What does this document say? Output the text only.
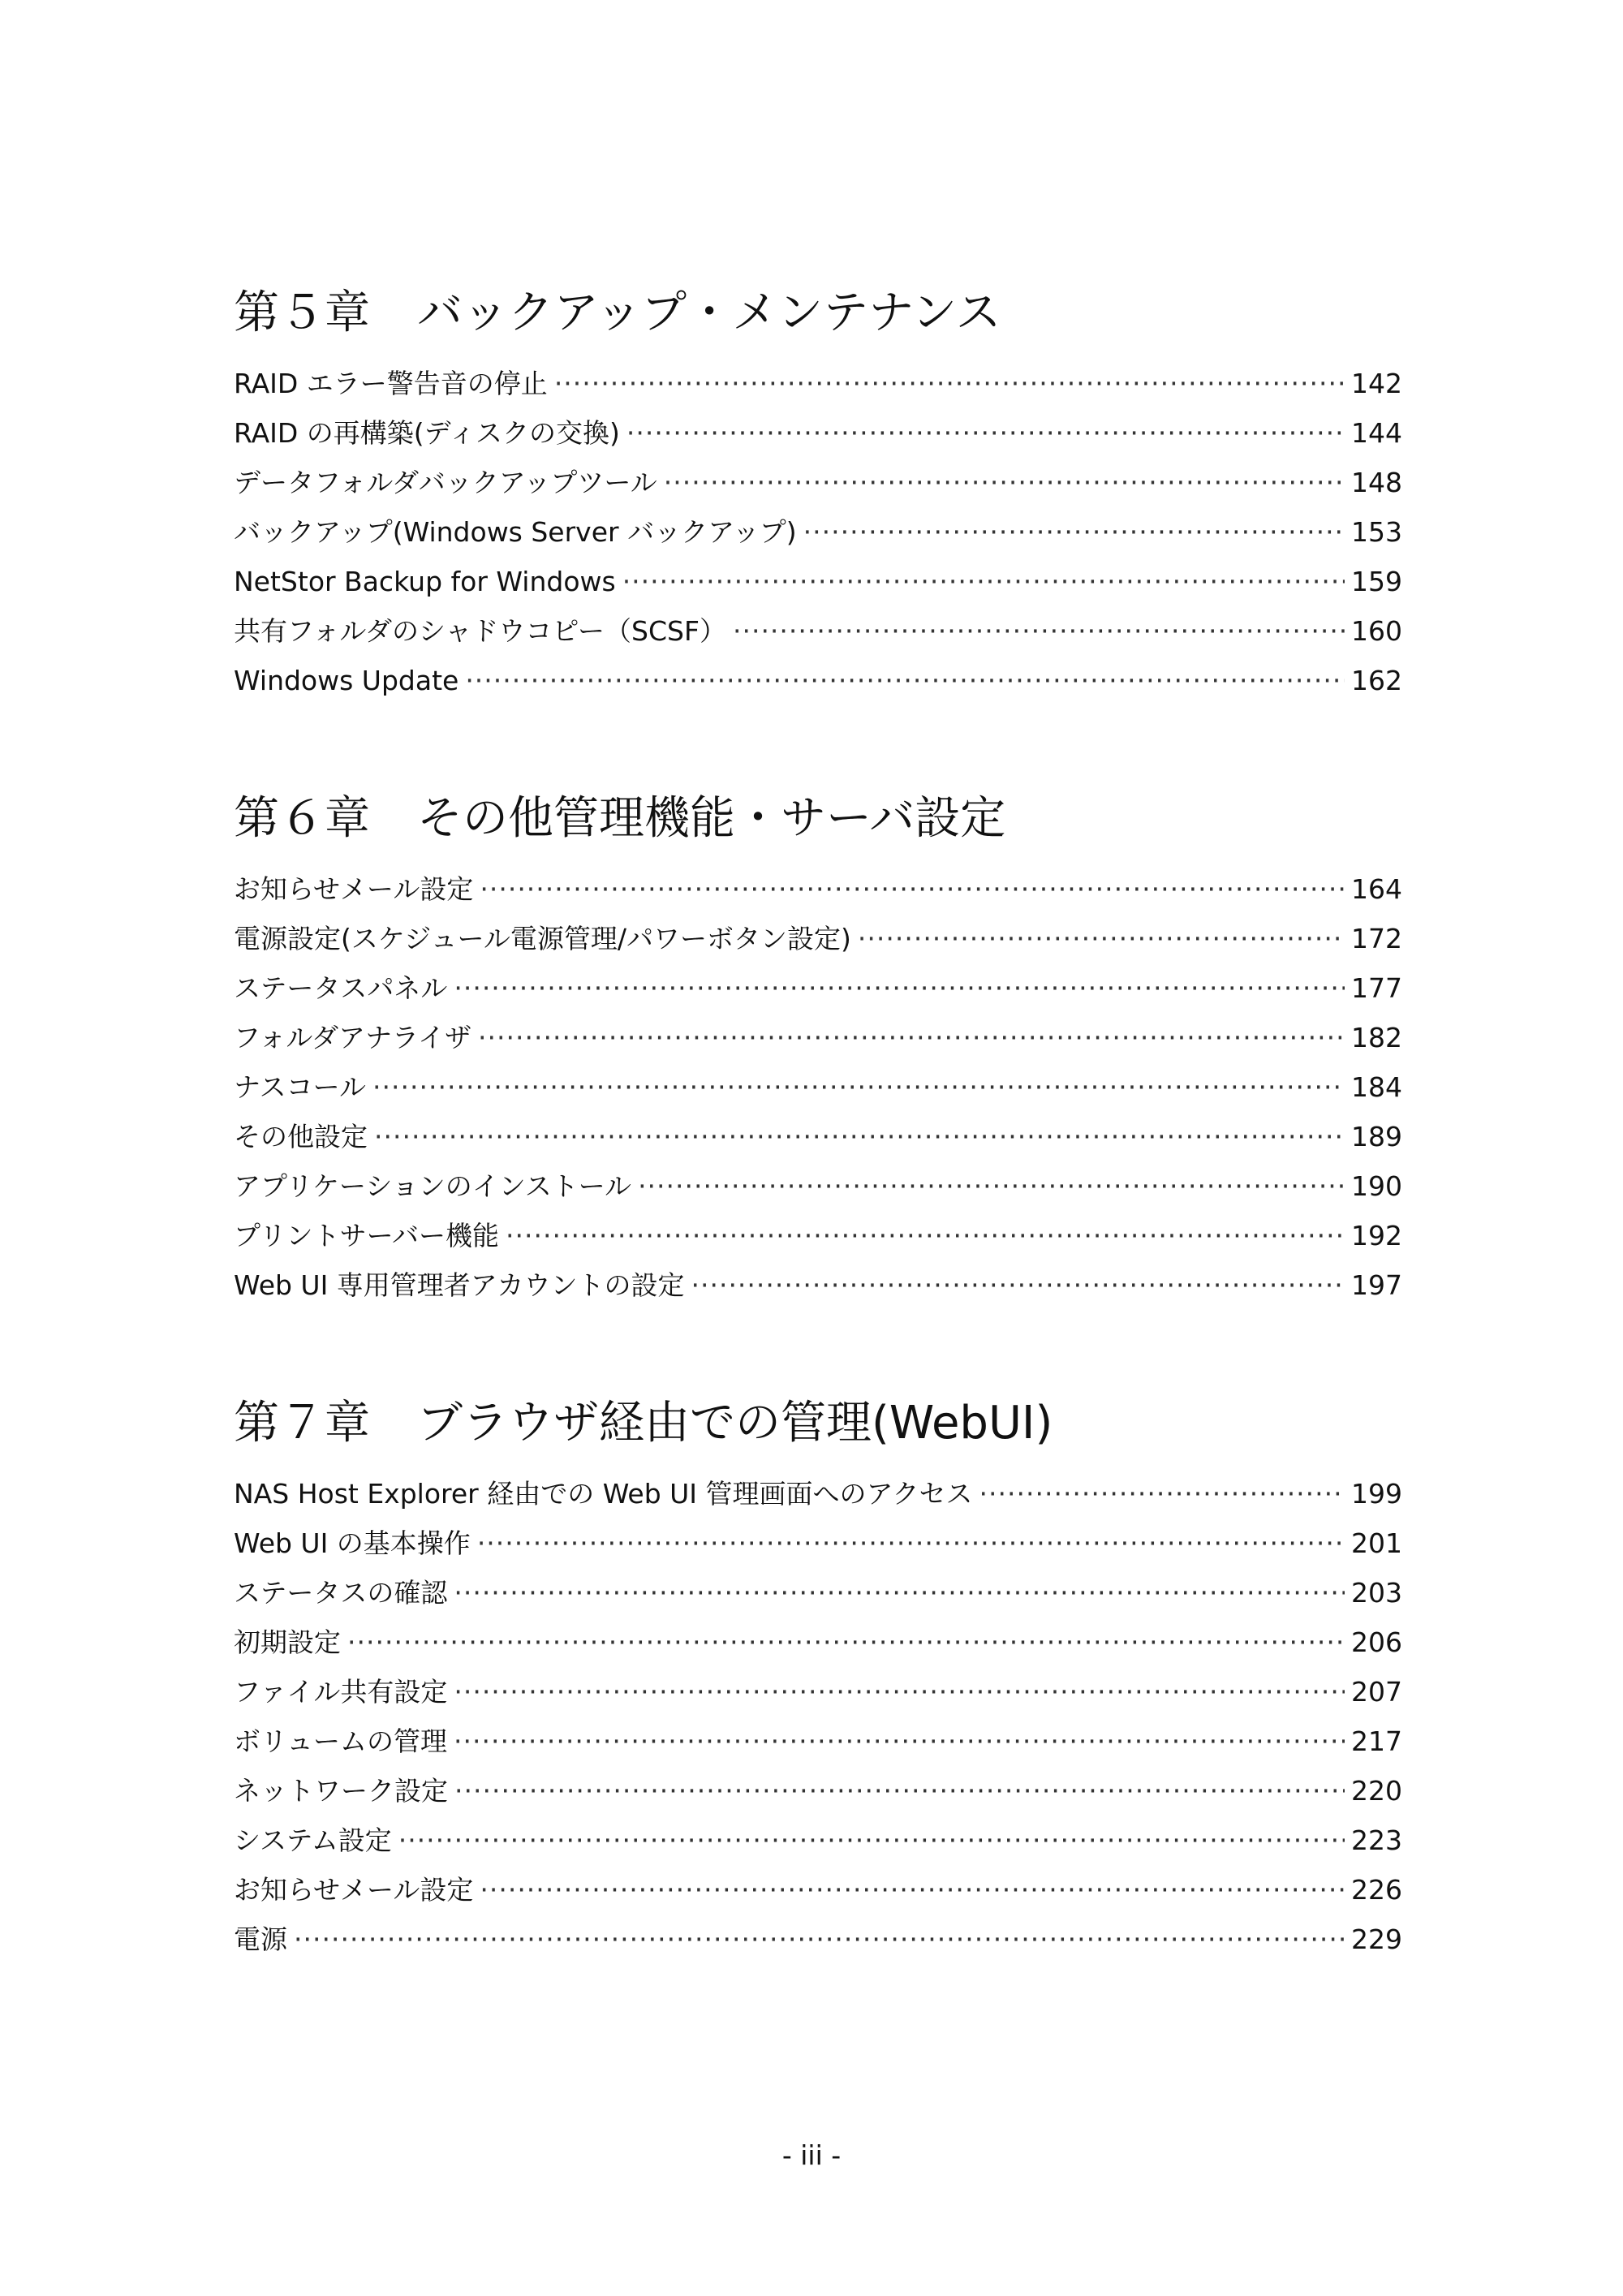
第５章 バックアップ・メンテナンス
RAID エラー警告音の停止 ·····	142
RAID の再構築(ディスクの交換) ·····	144
データフォルダバックアップツール ·····	148
バックアップ(Windows Server バックアップ) ·····	153
NetStor Backup for Windows ·····	159
共有フォルダのシャドウコピー（SCSF） ·····	160
Windows Update ·····	162
第６章 その他管理機能・サーバ設定
お知らせメール設定 ·····	164
電源設定(スケジュール電源管理/パワーボタン設定) ·····	172
ステータスパネル ·····	177
フォルダアナライザ ·····	182
ナスコール ·····	184
その他設定 ·····	189
アプリケーションのインストール ·····	190
プリントサーバー機能 ·····	192
Web UI 専用管理者アカウントの設定 ·····	197
第７章 ブラウザ経由での管理(WebUI)
NAS Host Explorer 経由での Web UI 管理画面へのアクセス ·····	199
Web UI の基本操作 ·····	201
ステータスの確認 ·····	203
初期設定 ·····	206
ファイル共有設定 ·····	207
ボリュームの管理 ·····	217
ネットワーク設定 ·····	220
システム設定 ·····	223
お知らせメール設定 ·····	226
電源 ·····	229
- iii -
